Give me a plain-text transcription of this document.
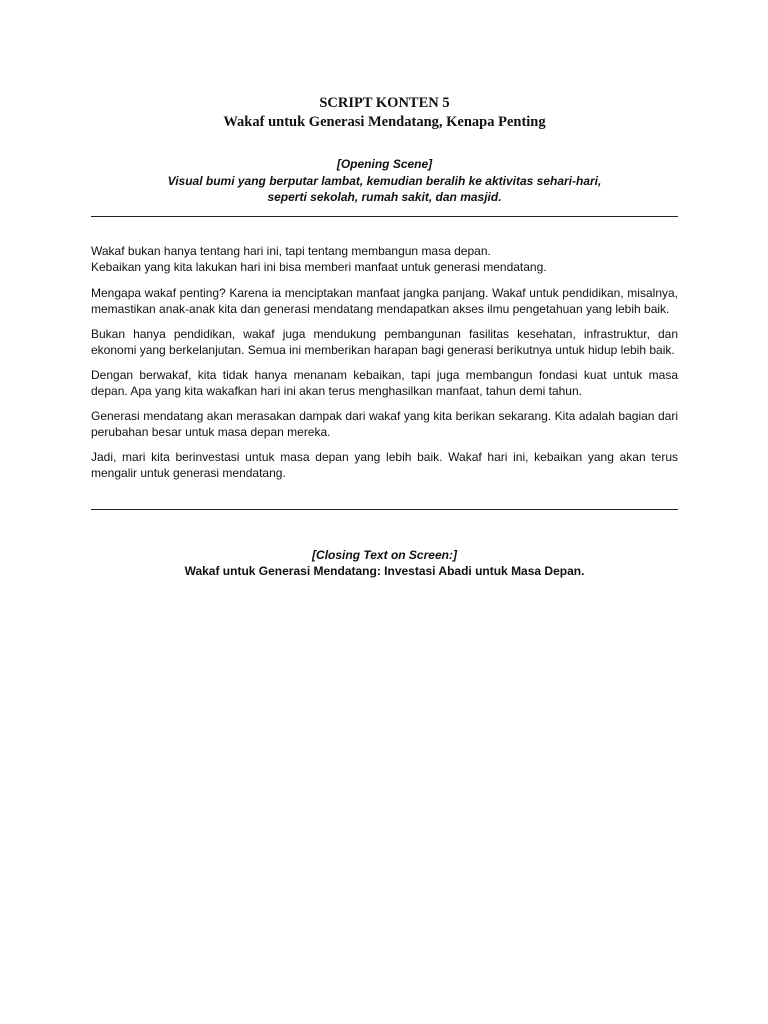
SCRIPT KONTEN 5
Wakaf untuk Generasi Mendatang, Kenapa Penting
[Opening Scene]
Visual bumi yang berputar lambat, kemudian beralih ke aktivitas sehari-hari,
seperti sekolah, rumah sakit, dan masjid.

Wakaf bukan hanya tentang hari ini, tapi tentang membangun masa depan.
Kebaikan yang kita lakukan hari ini bisa memberi manfaat untuk generasi mendatang.

Mengapa wakaf penting? Karena ia menciptakan manfaat jangka panjang. Wakaf untuk pendidikan, misalnya, memastikan anak-anak kita dan generasi mendatang mendapatkan akses ilmu pengetahuan yang lebih baik.

Bukan hanya pendidikan, wakaf juga mendukung pembangunan fasilitas kesehatan, infrastruktur, dan ekonomi yang berkelanjutan. Semua ini memberikan harapan bagi generasi berikutnya untuk hidup lebih baik.

Dengan berwakaf, kita tidak hanya menanam kebaikan, tapi juga membangun fondasi kuat untuk masa depan. Apa yang kita wakafkan hari ini akan terus menghasilkan manfaat, tahun demi tahun.

Generasi mendatang akan merasakan dampak dari wakaf yang kita berikan sekarang. Kita adalah bagian dari perubahan besar untuk masa depan mereka.

Jadi, mari kita berinvestasi untuk masa depan yang lebih baik. Wakaf hari ini, kebaikan yang akan terus mengalir untuk generasi mendatang.

[Closing Text on Screen:]
Wakaf untuk Generasi Mendatang: Investasi Abadi untuk Masa Depan.
